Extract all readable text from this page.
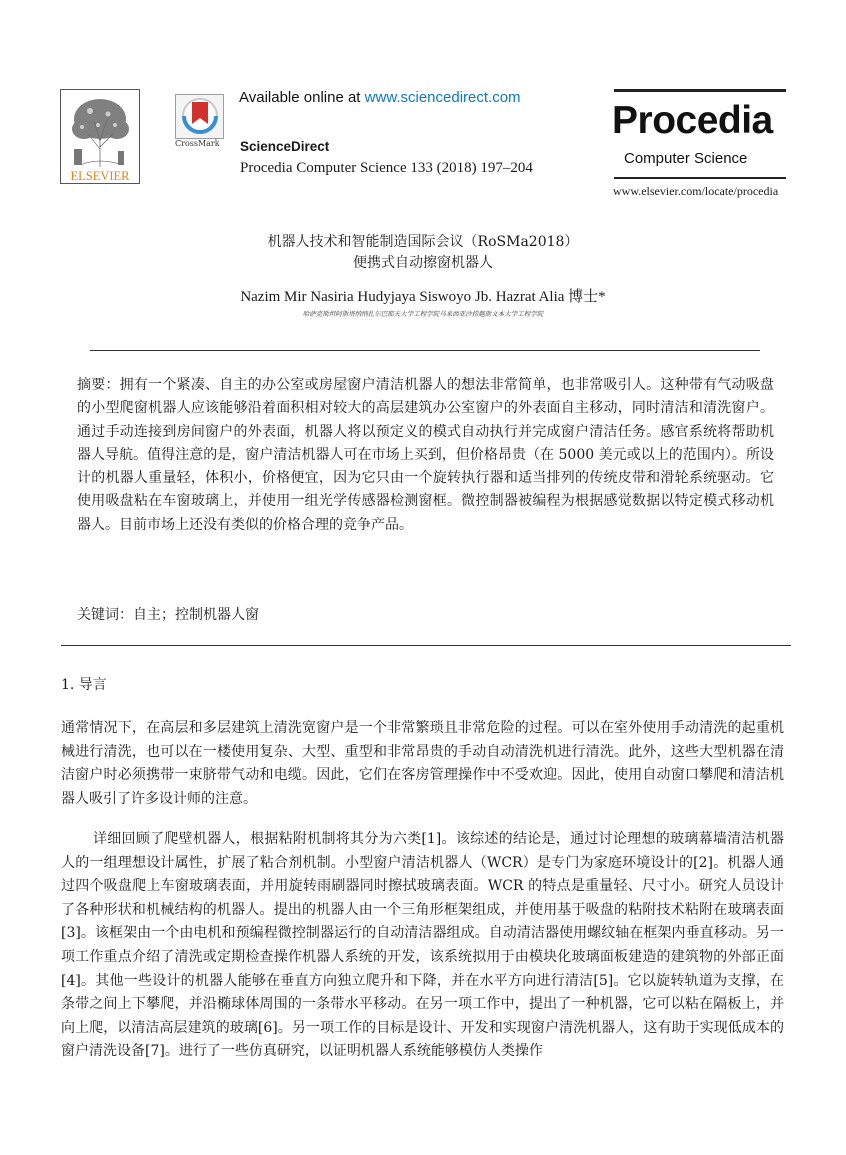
ELSEVIER
CrossMark
Available online at www.sciencedirect.com
ScienceDirect
Procedia Computer Science 133 (2018) 197–204
Procedia
Computer Science
www.elsevier.com/locate/procedia
机器人技术和智能制造国际会议（RoSMa2018）
便携式自动擦窗机器人
Nazim Mir Nasiria Hudyjaya Siswoyo Jb. Hazrat Alia 博士*
哈萨克斯坦阿斯塔纳纳扎尔巴耶夫大学工程学院马来西亚沙捞越斯文本大学工程学院
摘要：拥有一个紧凑、自主的办公室或房屋窗户清洁机器人的想法非常简单，也非常吸引人。这种带有气动吸盘的小型爬窗机器人应该能够沿着面积相对较大的高层建筑办公室窗户的外表面自主移动，同时清洁和清洗窗户。通过手动连接到房间窗户的外表面，机器人将以预定义的模式自动执行并完成窗户清洁任务。感官系统将帮助机器人导航。值得注意的是，窗户清洁机器人可在市场上买到，但价格昂贵（在 5000 美元或以上的范围内）。所设计的机器人重量轻，体积小，价格便宜，因为它只由一个旋转执行器和适当排列的传统皮带和滑轮系统驱动。它使用吸盘粘在车窗玻璃上，并使用一组光学传感器检测窗框。微控制器被编程为根据感觉数据以特定模式移动机器人。目前市场上还没有类似的价格合理的竞争产品。
关键词：自主；控制机器人窗
1. 导言

通常情况下，在高层和多层建筑上清洗宽窗户是一个非常繁琐且非常危险的过程。可以在室外使用手动清洗的起重机械进行清洗，也可以在一楼使用复杂、大型、重型和非常昂贵的手动自动清洗机进行清洗。此外，这些大型机器在清洁窗户时必须携带一束脐带气动和电缆。因此，它们在客房管理操作中不受欢迎。因此，使用自动窗口攀爬和清洁机器人吸引了许多设计师的注意。

详细回顾了爬壁机器人，根据粘附机制将其分为六类[1]。该综述的结论是，通过讨论理想的玻璃幕墙清洁机器人的一组理想设计属性，扩展了粘合剂机制。小型窗户清洁机器人（WCR）是专门为家庭环境设计的[2]。机器人通过四个吸盘爬上车窗玻璃表面，并用旋转雨刷器同时擦拭玻璃表面。WCR 的特点是重量轻、尺寸小。研究人员设计了各种形状和机械结构的机器人。提出的机器人由一个三角形框架组成，并使用基于吸盘的粘附技术粘附在玻璃表面[3]。该框架由一个由电机和预编程微控制器运行的自动清洁器组成。自动清洁器使用螺纹轴在框架内垂直移动。另一项工作重点介绍了清洗或定期检查操作机器人系统的开发，该系统拟用于由模块化玻璃面板建造的建筑物的外部正面[4]。其他一些设计的机器人能够在垂直方向独立爬升和下降，并在水平方向进行清洁[5]。它以旋转轨道为支撑，在条带之间上下攀爬，并沿椭球体周围的一条带水平移动。在另一项工作中，提出了一种机器，它可以粘在隔板上，并向上爬，以清洁高层建筑的玻璃[6]。另一项工作的目标是设计、开发和实现窗户清洗机器人，这有助于实现低成本的窗户清洗设备[7]。进行了一些仿真研究，以证明机器人系统能够模仿人类操作
